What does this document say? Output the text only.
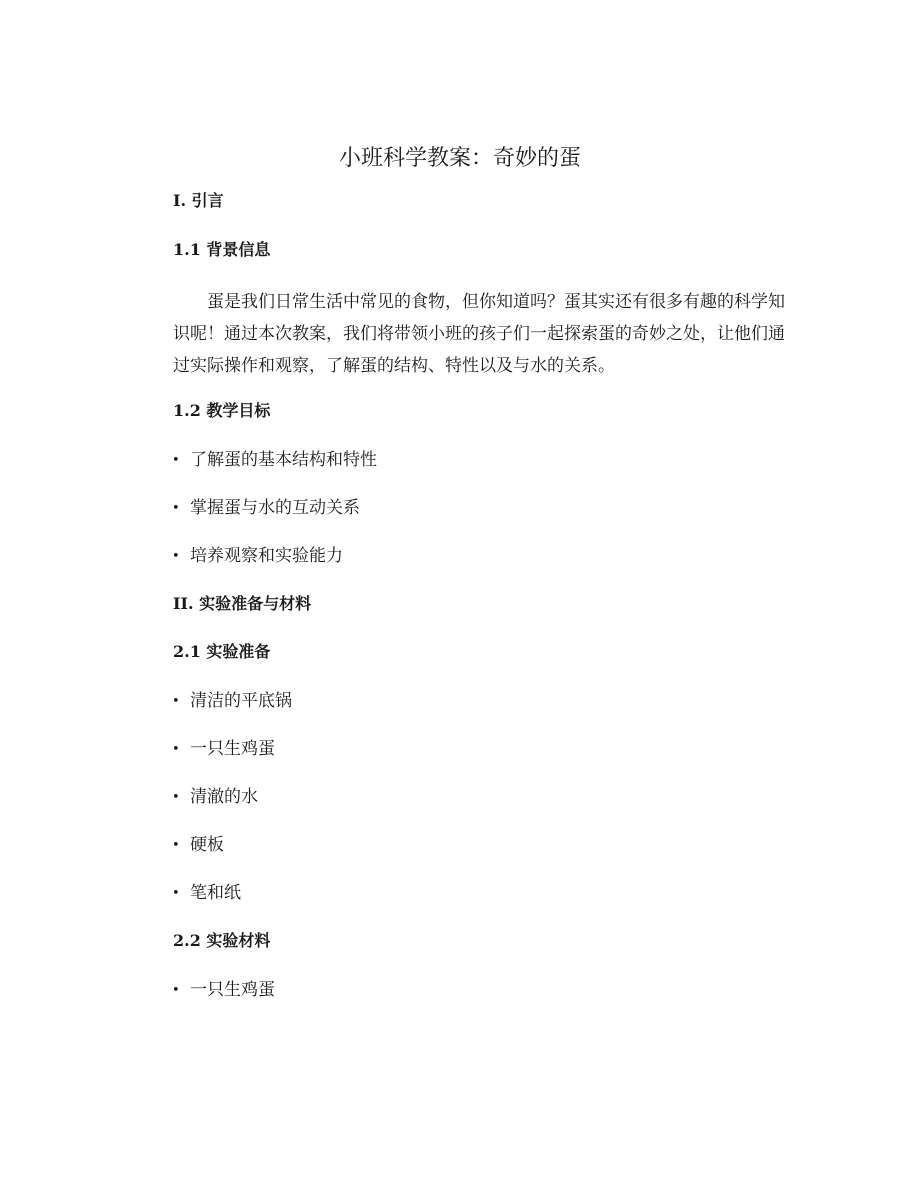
小班科学教案：奇妙的蛋
I. 引言
1.1 背景信息

蛋是我们日常生活中常见的食物，但你知道吗？蛋其实还有很多有趣的科学知识呢！通过本次教案，我们将带领小班的孩子们一起探索蛋的奇妙之处，让他们通过实际操作和观察，了解蛋的结构、特性以及与水的关系。

1.2 教学目标
• 了解蛋的基本结构和特性
• 掌握蛋与水的互动关系
• 培养观察和实验能力
II. 实验准备与材料
2.1 实验准备
• 清洁的平底锅
• 一只生鸡蛋
• 清澈的水
• 硬板
• 笔和纸
2.2 实验材料
• 一只生鸡蛋
